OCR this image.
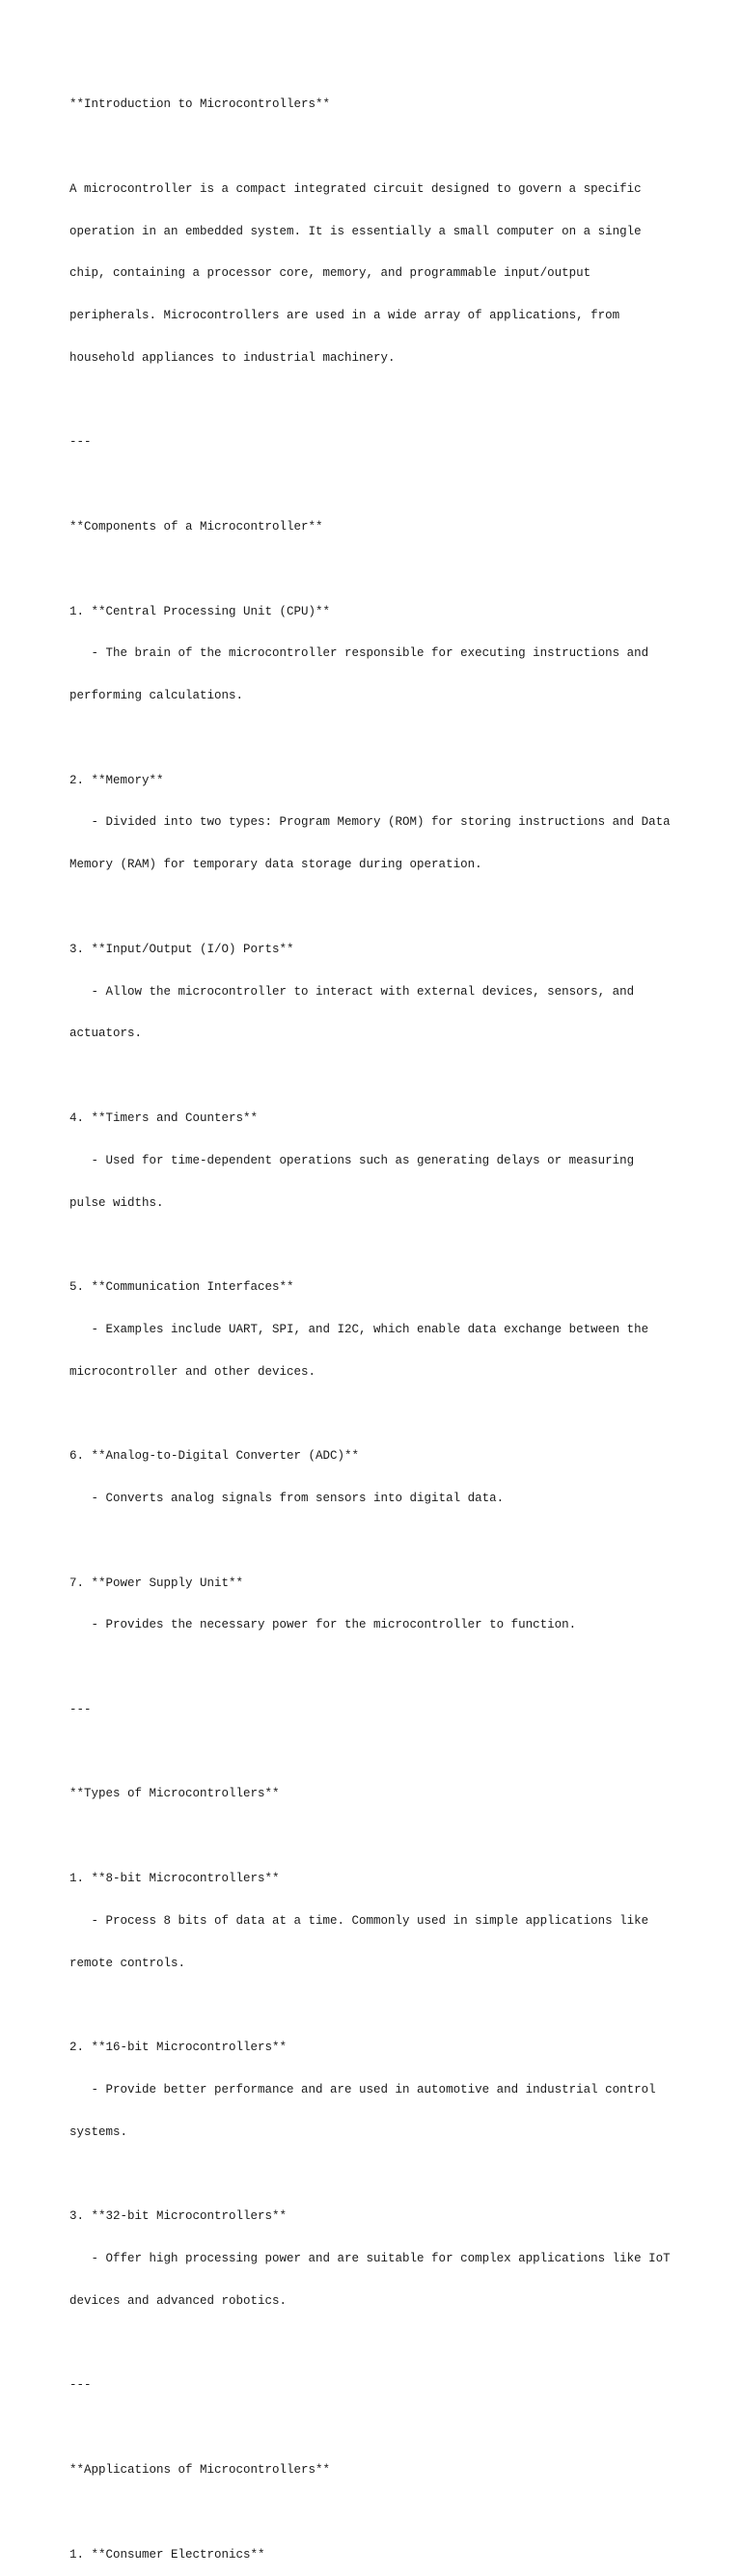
**Introduction to Microcontrollers**

A microcontroller is a compact integrated circuit designed to govern a specific

operation in an embedded system. It is essentially a small computer on a single

chip, containing a processor core, memory, and programmable input/output

peripherals. Microcontrollers are used in a wide array of applications, from

household appliances to industrial machinery.

---

**Components of a Microcontroller**

1. **Central Processing Unit (CPU)**

- The brain of the microcontroller responsible for executing instructions and

performing calculations.

2. **Memory**

- Divided into two types: Program Memory (ROM) for storing instructions and Data

Memory (RAM) for temporary data storage during operation.

3. **Input/Output (I/O) Ports**

- Allow the microcontroller to interact with external devices, sensors, and

actuators.

4. **Timers and Counters**

- Used for time-dependent operations such as generating delays or measuring

pulse widths.

5. **Communication Interfaces**

- Examples include UART, SPI, and I2C, which enable data exchange between the

microcontroller and other devices.

6. **Analog-to-Digital Converter (ADC)**

- Converts analog signals from sensors into digital data.

7. **Power Supply Unit**

- Provides the necessary power for the microcontroller to function.

---

**Types of Microcontrollers**

1. **8-bit Microcontrollers**

- Process 8 bits of data at a time. Commonly used in simple applications like

remote controls.

2. **16-bit Microcontrollers**

- Provide better performance and are used in automotive and industrial control

systems.

3. **32-bit Microcontrollers**

- Offer high processing power and are suitable for complex applications like IoT

devices and advanced robotics.

---

**Applications of Microcontrollers**

1. **Consumer Electronics**
